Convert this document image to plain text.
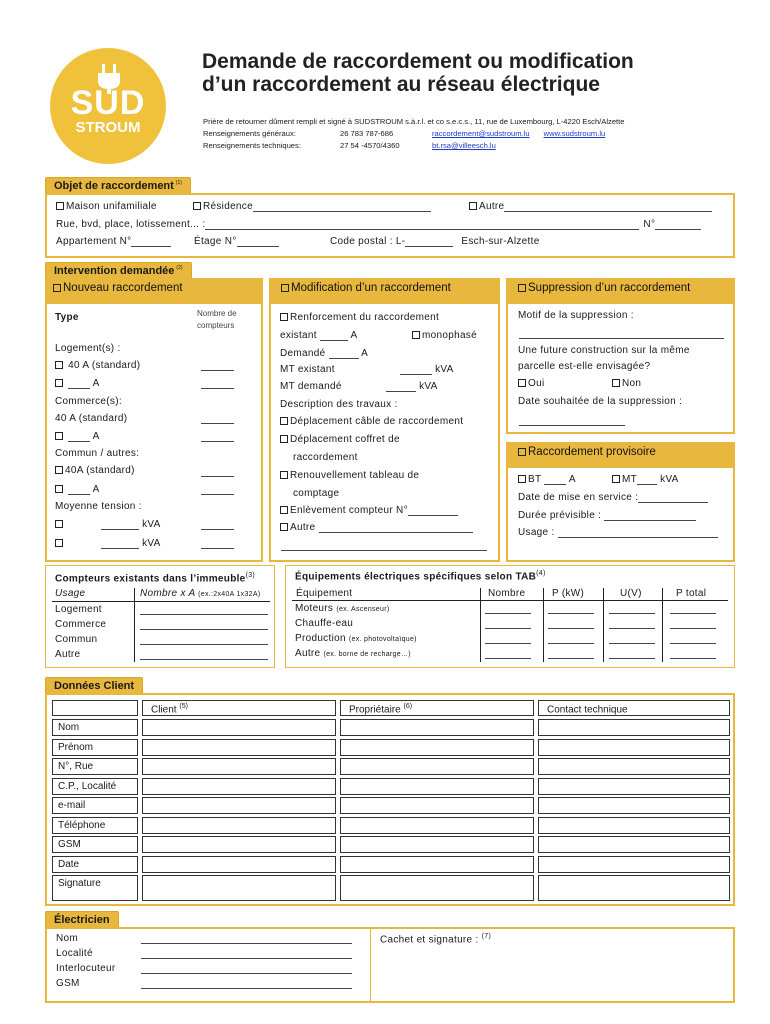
SUD
STROUM
Demande de raccordement ou modification
d’un raccordement au réseau électrique
Prière de retourner dûment rempli et signé à SUDSTROUM s.à.r.l. et co s.e.c.s., 11, rue de Luxembourg, L-4220 Esch/Alzette
Renseignements généraux:	26 783 787-686	raccordement@sudstroum.lu www.sudstroum.lu
Renseignements techniques:	27 54 -4570/4360	bt.rsa@villeesch.lu
Objet de raccordement $^{(1)}$
Maison unifamiliale	Résidence	Autre
Rue, bvd, place, lotissement... :	N°
Appartement N°	Étage N°	Code postal : L-	Esch-sur-Alzette
Intervention demandée $^{(2)}$
Nouveau raccordement
Type	Nombre de compteurs
Logement(s) :
40 A (standard)
A
Commerce(s):
40 A (standard)
A
Commun / autres:
40A (standard)
A
Moyenne tension :
kVA
kVA
Modification d’un raccordement
Renforcement du raccordement
existant	A	monophasé
Demandé	A
MT existant	kVA
MT demandé	kVA
Description des travaux :
Déplacement câble de raccordement
Déplacement coffret de
raccordement
Renouvellement tableau de
comptage
Enlèvement compteur N°
Autre
Suppression d’un raccordement
Motif de la suppression :
Une future construction sur la même
parcelle est-elle envisagée?
Oui	Non
Date souhaitée de la suppression :
Raccordement provisoire
BT	A	MT kVA
Date de mise en service :
Durée prévisible :
Usage :
Compteurs existants dans l’immeuble$^{(3)}$
Usage	Nombre x A (ex.:2x40A 1x32A)
Logement
Commerce
Commun
Autre
Équipements électriques spécifiques selon TAB$^{(4)}$
Équipement	Nombre	P (kW)	U(V)	P total
Moteurs (ex. Ascenseur)
Chauffe-eau
Production (ex. photovoltaïque)
Autre (ex. borne de recharge…)
Données Client
Client $^{(5)}$	Propriétaire $^{(6)}$	Contact technique
Nom
Prénom
N°, Rue
C.P., Localité
e-mail
Téléphone
GSM
Date
Signature
Électricien
Nom
Localité
Interlocuteur
GSM
Cachet et signature : $^{(7)}$
